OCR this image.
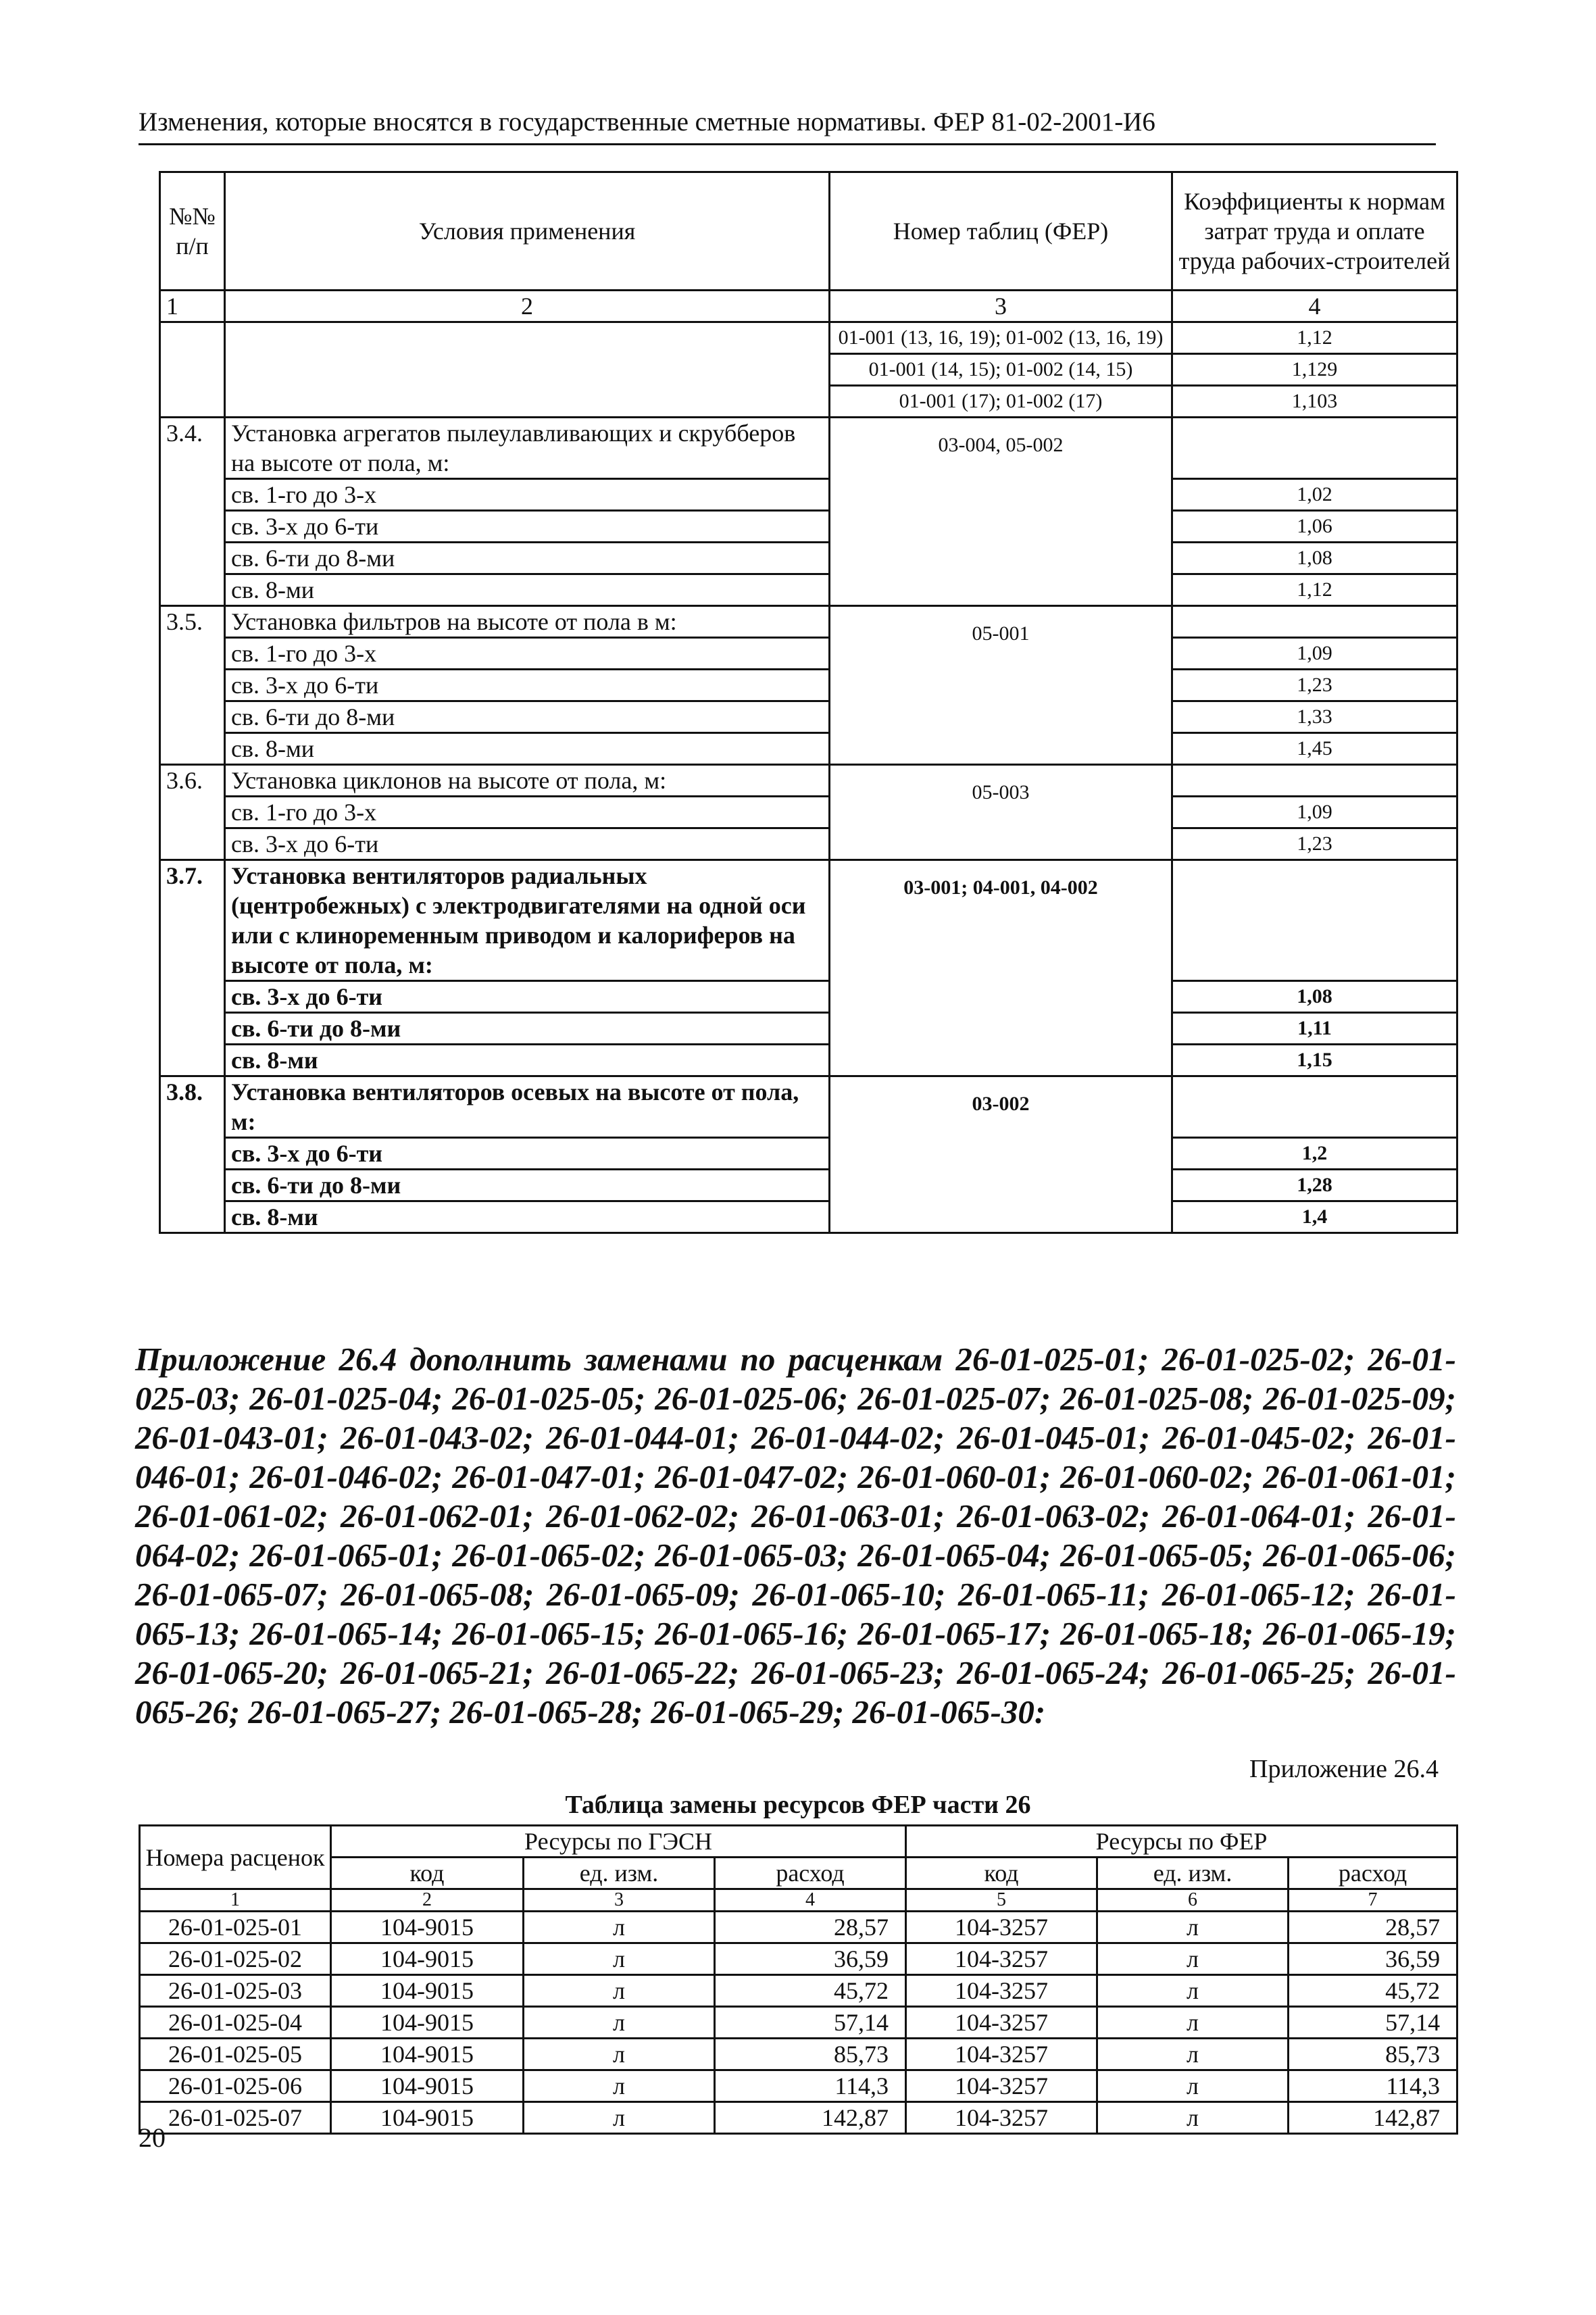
Изменения, которые вносятся в государственные сметные нормативы. ФЕР 81-02-2001-И6
№№ п/п	Условия применения	Номер таблиц (ФЕР)	Коэффициенты к нормам затрат труда и оплате труда рабочих-строителей
1	2	3	4
		01-001 (13, 16, 19); 01-002 (13, 16, 19)	1,12
		01-001 (14, 15); 01-002 (14, 15)	1,129
		01-001 (17); 01-002 (17)	1,103
3.4.	Установка агрегатов пылеулавливающих и скрубберов на высоте от пола, м:	03-004, 05-002	
	св. 1-го до 3-х		1,02
	св. 3-х до 6-ти		1,06
	св. 6-ти до 8-ми		1,08
	св. 8-ми		1,12
3.5.	Установка фильтров на высоте от пола в м:	05-001	
	св. 1-го до 3-х		1,09
	св. 3-х до 6-ти		1,23
	св. 6-ти до 8-ми		1,33
	св. 8-ми		1,45
3.6.	Установка циклонов на высоте от пола, м:	05-003	
	св. 1-го до 3-х		1,09
	св. 3-х до 6-ти		1,23
3.7.	Установка вентиляторов радиальных (центробежных) с электродвигателями на одной оси или с клиноременным приводом и калориферов на высоте от пола, м:	03-001; 04-001, 04-002	
	св. 3-х до 6-ти		1,08
	св. 6-ти до 8-ми		1,11
	св. 8-ми		1,15
3.8.	Установка вентиляторов осевых на высоте от пола, м:	03-002	
	св. 3-х до 6-ти		1,2
	св. 6-ти до 8-ми		1,28
	св. 8-ми		1,4
Приложение 26.4 дополнить заменами по расценкам 26-01-025-01; 26-01-025-02; 26-01-025-03; 26-01-025-04; 26-01-025-05; 26-01-025-06; 26-01-025-07; 26-01-025-08; 26-01-025-09; 26-01-043-01; 26-01-043-02; 26-01-044-01; 26-01-044-02; 26-01-045-01; 26-01-045-02; 26-01-046-01; 26-01-046-02; 26-01-047-01; 26-01-047-02; 26-01-060-01; 26-01-060-02; 26-01-061-01; 26-01-061-02; 26-01-062-01; 26-01-062-02; 26-01-063-01; 26-01-063-02; 26-01-064-01; 26-01-064-02; 26-01-065-01; 26-01-065-02; 26-01-065-03; 26-01-065-04; 26-01-065-05; 26-01-065-06; 26-01-065-07; 26-01-065-08; 26-01-065-09; 26-01-065-10; 26-01-065-11; 26-01-065-12; 26-01-065-13; 26-01-065-14; 26-01-065-15; 26-01-065-16; 26-01-065-17; 26-01-065-18; 26-01-065-19; 26-01-065-20; 26-01-065-21; 26-01-065-22; 26-01-065-23; 26-01-065-24; 26-01-065-25; 26-01-065-26; 26-01-065-27; 26-01-065-28; 26-01-065-29; 26-01-065-30:
Приложение 26.4
Таблица замены ресурсов ФЕР части 26
Номера расценок	Ресурсы по ГЭСН			Ресурсы по ФЕР		
	код	ед. изм.	расход	код	ед. изм.	расход
1	2	3	4	5	6	7
26-01-025-01	104-9015	л	28,57	104-3257	л	28,57
26-01-025-02	104-9015	л	36,59	104-3257	л	36,59
26-01-025-03	104-9015	л	45,72	104-3257	л	45,72
26-01-025-04	104-9015	л	57,14	104-3257	л	57,14
26-01-025-05	104-9015	л	85,73	104-3257	л	85,73
26-01-025-06	104-9015	л	114,3	104-3257	л	114,3
26-01-025-07	104-9015	л	142,87	104-3257	л	142,87
20
